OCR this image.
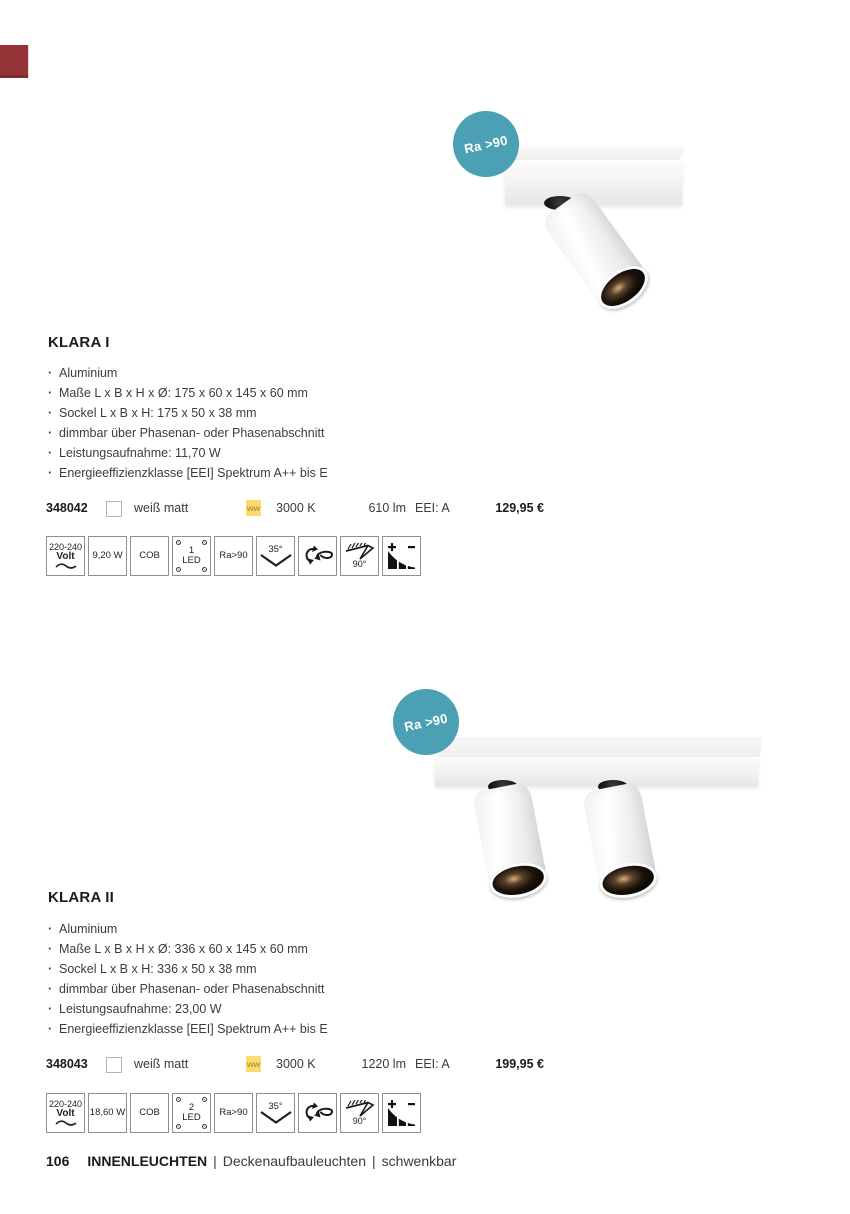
Ra >90
KLARA I
· Aluminium
· Maße L x B x H x Ø: 175 x 60 x 145 x 60 mm
· Sockel L x B x H: 175 x 50 x 38 mm
· dimmbar über Phasenan- oder Phasenabschnitt
· Leistungsaufnahme: 11,70 W
· Energieeffizienzklasse [EEI] Spektrum A++ bis E
348042	weiß matt	ww 3000 K	610 lm EEI: A	129,95 €
220-240
Volt 9,20 W COB	1
LED Ra>90
35°
90°
Ra >90
KLARA II
· Aluminium
· Maße L x B x H x Ø: 336 x 60 x 145 x 60 mm
· Sockel L x B x H: 336 x 50 x 38 mm
· dimmbar über Phasenan- oder Phasenabschnitt
· Leistungsaufnahme: 23,00 W
· Energieeffizienzklasse [EEI] Spektrum A++ bis E
348043	weiß matt	ww 3000 K	1220 lm EEI: A	199,95 €
220-240
Volt 18,60 W COB	2
LED Ra>90
35°
90°
106 INNENLEUCHTEN | Deckenaufbauleuchten | schwenkbar
